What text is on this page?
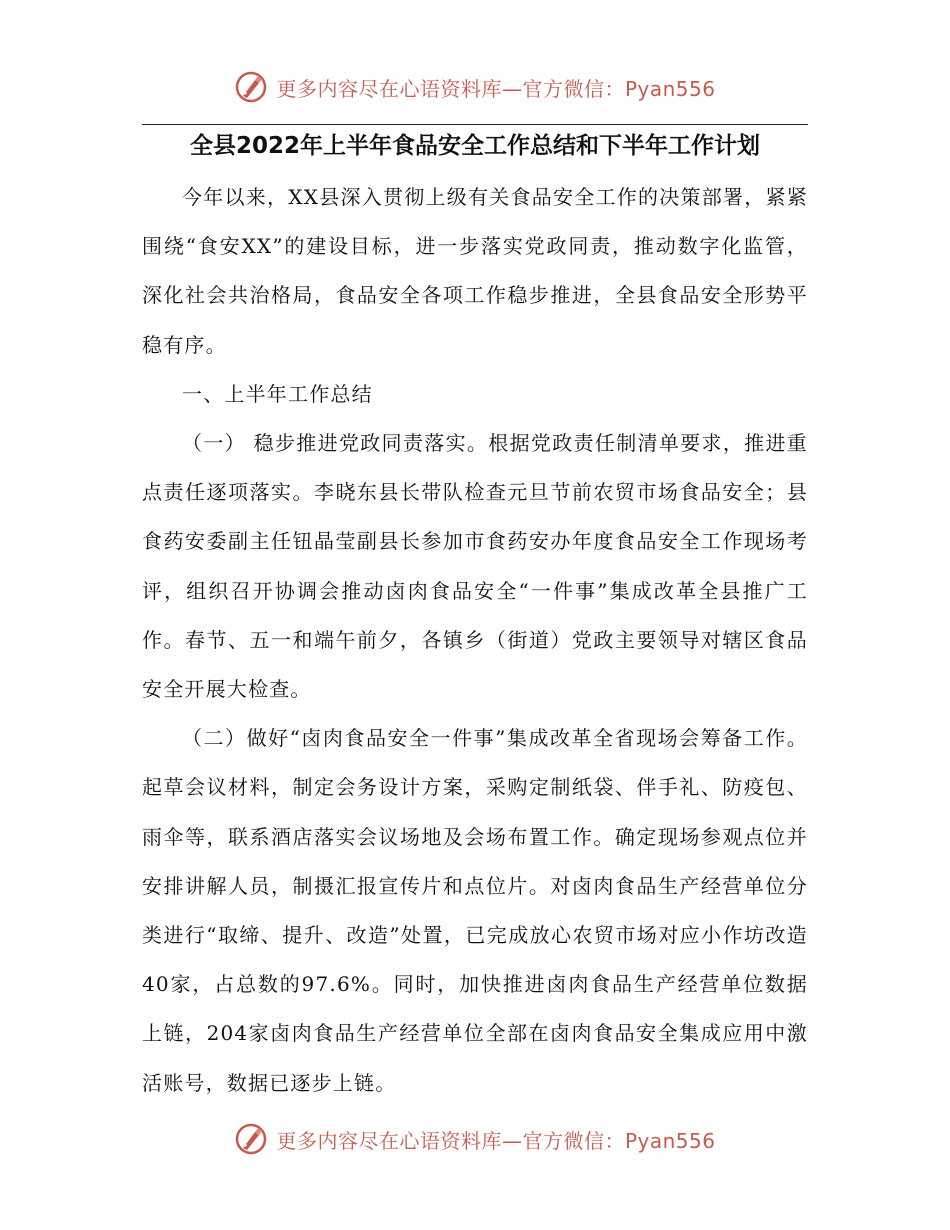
更多内容尽在心语资料库—官方微信：Pyan556
全县2022年上半年食品安全工作总结和下半年工作计划

今年以来，XX县深入贯彻上级有关食品安全工作的决策部署，紧紧围绕“食安XX”的建设目标，进一步落实党政同责，推动数字化监管，深化社会共治格局，食品安全各项工作稳步推进，全县食品安全形势平稳有序。

一、上半年工作总结

（一） 稳步推进党政同责落实。根据党政责任制清单要求，推进重点责任逐项落实。李晓东县长带队检查元旦节前农贸市场食品安全；县食药安委副主任钮晶莹副县长参加市食药安办年度食品安全工作现场考评，组织召开协调会推动卤肉食品安全“一件事”集成改革全县推广工作。春节、五一和端午前夕，各镇乡（街道）党政主要领导对辖区食品安全开展大检查。

（二）做好“卤肉食品安全一件事”集成改革全省现场会筹备工作。起草会议材料，制定会务设计方案，采购定制纸袋、伴手礼、防疫包、雨伞等，联系酒店落实会议场地及会场布置工作。确定现场参观点位并安排讲解人员，制摄汇报宣传片和点位片。对卤肉食品生产经营单位分类进行“取缔、提升、改造”处置，已完成放心农贸市场对应小作坊改造40家，占总数的97.6%。同时，加快推进卤肉食品生产经营单位数据上链，204家卤肉食品生产经营单位全部在卤肉食品安全集成应用中激活账号，数据已逐步上链。

更多内容尽在心语资料库—官方微信：Pyan556
